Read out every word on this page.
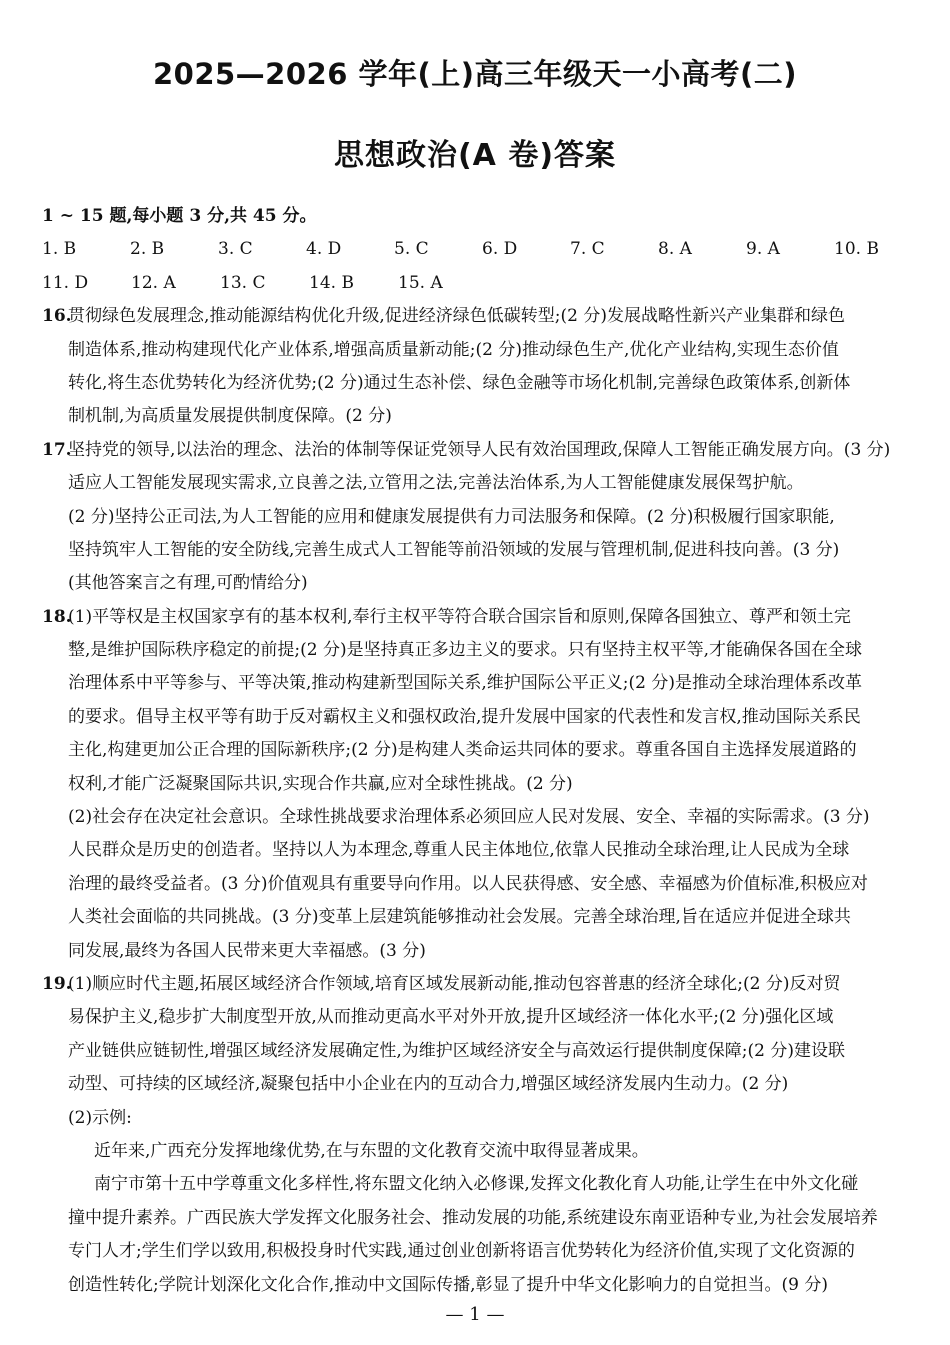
2025—2026 学年(上)高三年级天一小高考(二)
思想政治(A 卷)答案
1 ~ 15 题,每小题 3 分,共 45 分。
1. B	2. B	3. C	4. D	5. C	6. D	7. C	8. A	9. A	10. B
11. D	12. A	13. C	14. B	15. A
16.
贯彻绿色发展理念,推动能源结构优化升级,促进经济绿色低碳转型;(2 分)发展战略性新兴产业集群和绿色
制造体系,推动构建现代化产业体系,增强高质量新动能;(2 分)推动绿色生产,优化产业结构,实现生态价值
转化,将生态优势转化为经济优势;(2 分)通过生态补偿、绿色金融等市场化机制,完善绿色政策体系,创新体
制机制,为高质量发展提供制度保障。(2 分)
17.
坚持党的领导,以法治的理念、法治的体制等保证党领导人民有效治国理政,保障人工智能正确发展方向。(3 分)
适应人工智能发展现实需求,立良善之法,立管用之法,完善法治体系,为人工智能健康发展保驾护航。
(2 分)坚持公正司法,为人工智能的应用和健康发展提供有力司法服务和保障。(2 分)积极履行国家职能,
坚持筑牢人工智能的安全防线,完善生成式人工智能等前沿领域的发展与管理机制,促进科技向善。(3 分)
(其他答案言之有理,可酌情给分)
18.
(1)平等权是主权国家享有的基本权利,奉行主权平等符合联合国宗旨和原则,保障各国独立、尊严和领土完
整,是维护国际秩序稳定的前提;(2 分)是坚持真正多边主义的要求。只有坚持主权平等,才能确保各国在全球
治理体系中平等参与、平等决策,推动构建新型国际关系,维护国际公平正义;(2 分)是推动全球治理体系改革
的要求。倡导主权平等有助于反对霸权主义和强权政治,提升发展中国家的代表性和发言权,推动国际关系民
主化,构建更加公正合理的国际新秩序;(2 分)是构建人类命运共同体的要求。尊重各国自主选择发展道路的
权利,才能广泛凝聚国际共识,实现合作共赢,应对全球性挑战。(2 分)
(2)社会存在决定社会意识。全球性挑战要求治理体系必须回应人民对发展、安全、幸福的实际需求。(3 分)
人民群众是历史的创造者。坚持以人为本理念,尊重人民主体地位,依靠人民推动全球治理,让人民成为全球
治理的最终受益者。(3 分)价值观具有重要导向作用。以人民获得感、安全感、幸福感为价值标准,积极应对
人类社会面临的共同挑战。(3 分)变革上层建筑能够推动社会发展。完善全球治理,旨在适应并促进全球共
同发展,最终为各国人民带来更大幸福感。(3 分)
19.
(1)顺应时代主题,拓展区域经济合作领域,培育区域发展新动能,推动包容普惠的经济全球化;(2 分)反对贸
易保护主义,稳步扩大制度型开放,从而推动更高水平对外开放,提升区域经济一体化水平;(2 分)强化区域
产业链供应链韧性,增强区域经济发展确定性,为维护区域经济安全与高效运行提供制度保障;(2 分)建设联
动型、可持续的区域经济,凝聚包括中小企业在内的互动合力,增强区域经济发展内生动力。(2 分)
(2)示例:
近年来,广西充分发挥地缘优势,在与东盟的文化教育交流中取得显著成果。
南宁市第十五中学尊重文化多样性,将东盟文化纳入必修课,发挥文化教化育人功能,让学生在中外文化碰
撞中提升素养。广西民族大学发挥文化服务社会、推动发展的功能,系统建设东南亚语种专业,为社会发展培养
专门人才;学生们学以致用,积极投身时代实践,通过创业创新将语言优势转化为经济价值,实现了文化资源的
创造性转化;学院计划深化文化合作,推动中文国际传播,彰显了提升中华文化影响力的自觉担当。(9 分)
— 1 —
